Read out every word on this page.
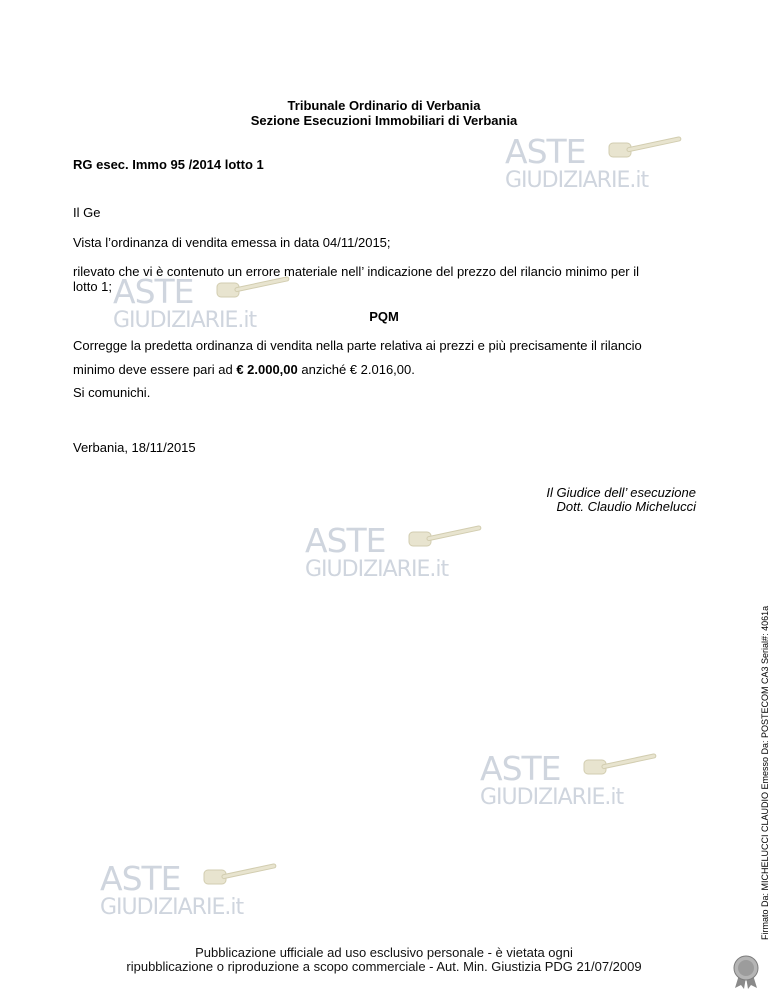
ASTE
GIUDIZIARIE.it
ASTE
GIUDIZIARIE.it
ASTE
GIUDIZIARIE.it
ASTE
GIUDIZIARIE.it
ASTE
GIUDIZIARIE.it
Tribunale Ordinario di Verbania
Sezione Esecuzioni Immobiliari di Verbania
RG esec. Immo 95 /2014 lotto 1
Il Ge
Vista l’ordinanza di vendita emessa in data 04/11/2015;
rilevato che vi è contenuto un errore materiale nell’ indicazione del prezzo del rilancio minimo per il
lotto 1;
PQM
Corregge la predetta ordinanza di vendita nella parte relativa ai prezzi e più precisamente il rilancio
minimo deve essere pari ad € 2.000,00 anziché € 2.016,00.
Si comunichi.
Verbania, 18/11/2015
Il Giudice dell’ esecuzione
Dott. Claudio Michelucci
Firmato Da: MICHELUCCI CLAUDIO Emesso Da: POSTECOM CA3 Serial#: 4061a
Pubblicazione ufficiale ad uso esclusivo personale - è vietata ogni
ripubblicazione o riproduzione a scopo commerciale - Aut. Min. Giustizia PDG 21/07/2009
